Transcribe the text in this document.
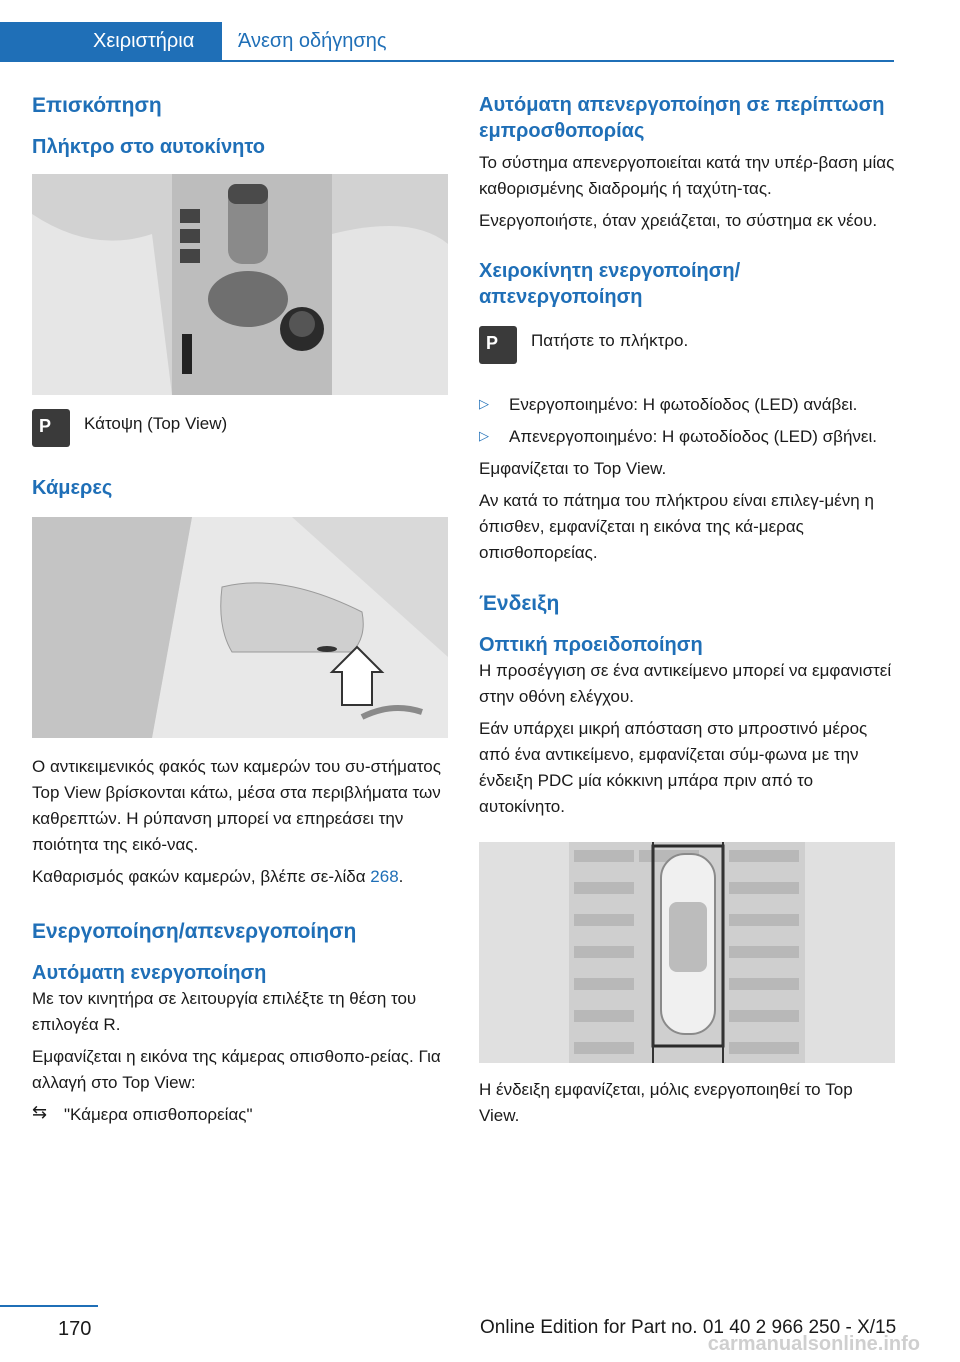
Χειριστήρια	Άνεση οδήγησης
Επισκόπηση
Πλήκτρο στο αυτοκίνητο
P

Κάτοψη (Top View)

Κάμερες

Ο αντικειμενικός φακός των καμερών του συ-στήματος Top View βρίσκονται κάτω, μέσα στα περιβλήματα των καθρεπτών. Η ρύπανση μπορεί να επηρεάσει την ποιότητα της εικό-νας.

Καθαρισμός φακών καμερών, βλέπε σε-λίδα 268.

Ενεργοποίηση/απενεργοποίηση
Αυτόματη ενεργοποίηση

Με τον κινητήρα σε λειτουργία επιλέξτε τη θέση του επιλογέα R.

Εμφανίζεται η εικόνα της κάμερας οπισθοπο-ρείας. Για αλλαγή στο Top View:

⇆ "Κάμερα οπισθοπορείας"

Αυτόματη απενεργοποίηση σε περίπτωση εμπροσθοπορίας

Το σύστημα απενεργοποιείται κατά την υπέρ-βαση μίας καθορισμένης διαδρομής ή ταχύτη-τας.

Ενεργοποιήστε, όταν χρειάζεται, το σύστημα εκ νέου.

Χειροκίνητη ενεργοποίηση/ απενεργοποίηση
P

Πατήστε το πλήκτρο.

▷	Ενεργοποιημένο: Η φωτοδίοδος (LED) ανάβει.

▷	Απενεργοποιημένο: Η φωτοδίοδος (LED) σβήνει.

Εμφανίζεται το Top View.

Αν κατά το πάτημα του πλήκτρου είναι επιλεγ-μένη η όπισθεν, εμφανίζεται η εικόνα της κά-μερας οπισθοπορείας.

Ένδειξη
Οπτική προειδοποίηση

Η προσέγγιση σε ένα αντικείμενο μπορεί να εμφανιστεί στην οθόνη ελέγχου.

Εάν υπάρχει μικρή απόσταση στο μπροστινό μέρος από ένα αντικείμενο, εμφανίζεται σύμ-φωνα με την ένδειξη PDC μία κόκκινη μπάρα πριν από το αυτοκίνητο.

Η ένδειξη εμφανίζεται, μόλις ενεργοποιηθεί το Top View.

170	Online Edition for Part no. 01 40 2 966 250 - X/15
carmanualsonline.info
